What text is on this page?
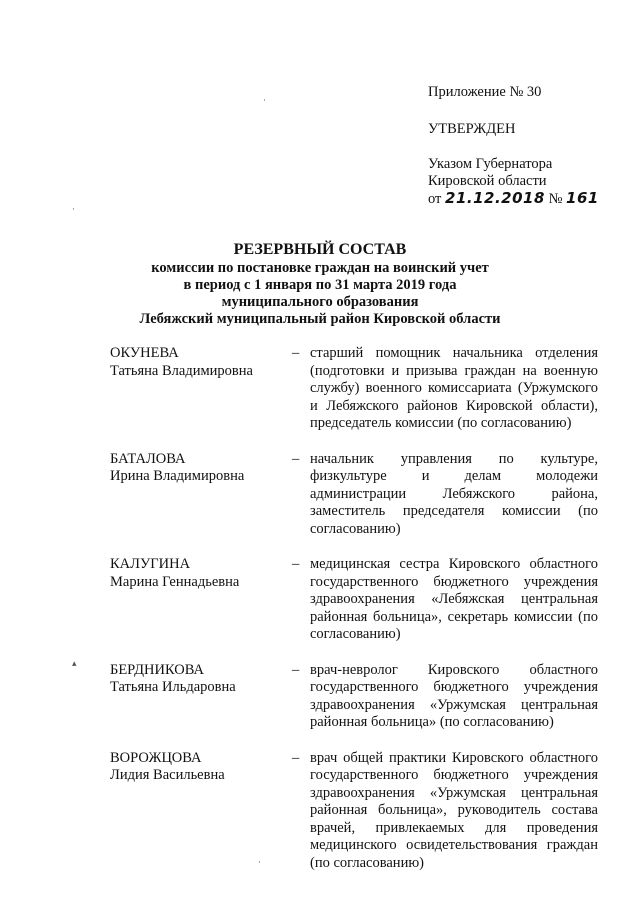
Приложение № 30
УТВЕРЖДЕН
Указом Губернатора
Кировской области
от 21.12.2018 № 161
РЕЗЕРВНЫЙ СОСТАВ
комиссии по постановке граждан на воинский учет
в период с 1 января по 31 марта 2019 года
муниципального образования
Лебяжский муниципальный район Кировской области
ОКУНЕВА
Татьяна Владимировна
– старший помощник начальника отделения (подготовки и призыва граждан на военную службу) военного комиссариата (Уржумского и Лебяжского районов Кировской области), председатель комиссии (по согласованию)
БАТАЛОВА
Ирина Владимировна
– начальник управления по культуре, физкультуре и делам молодежи администрации Лебяжского района, заместитель председателя комиссии (по согласованию)
КАЛУГИНА
Марина Геннадьевна
– медицинская сестра Кировского областного государственного бюджетного учреждения здравоохранения «Лебяжская центральная районная больница», секретарь комиссии (по согласованию)
БЕРДНИКОВА
Татьяна Ильдаровна
– врач-невролог Кировского областного государственного бюджетного учреждения здравоохранения «Уржумская центральная районная больница» (по согласованию)
ВОРОЖЦОВА
Лидия Васильевна
– врач общей практики Кировского областного государственного бюджетного учреждения здравоохранения «Уржумская центральная районная больница», руководитель состава врачей, привлекаемых для проведения медицинского освидетельствования граждан (по согласованию)
·
·
▴
·
